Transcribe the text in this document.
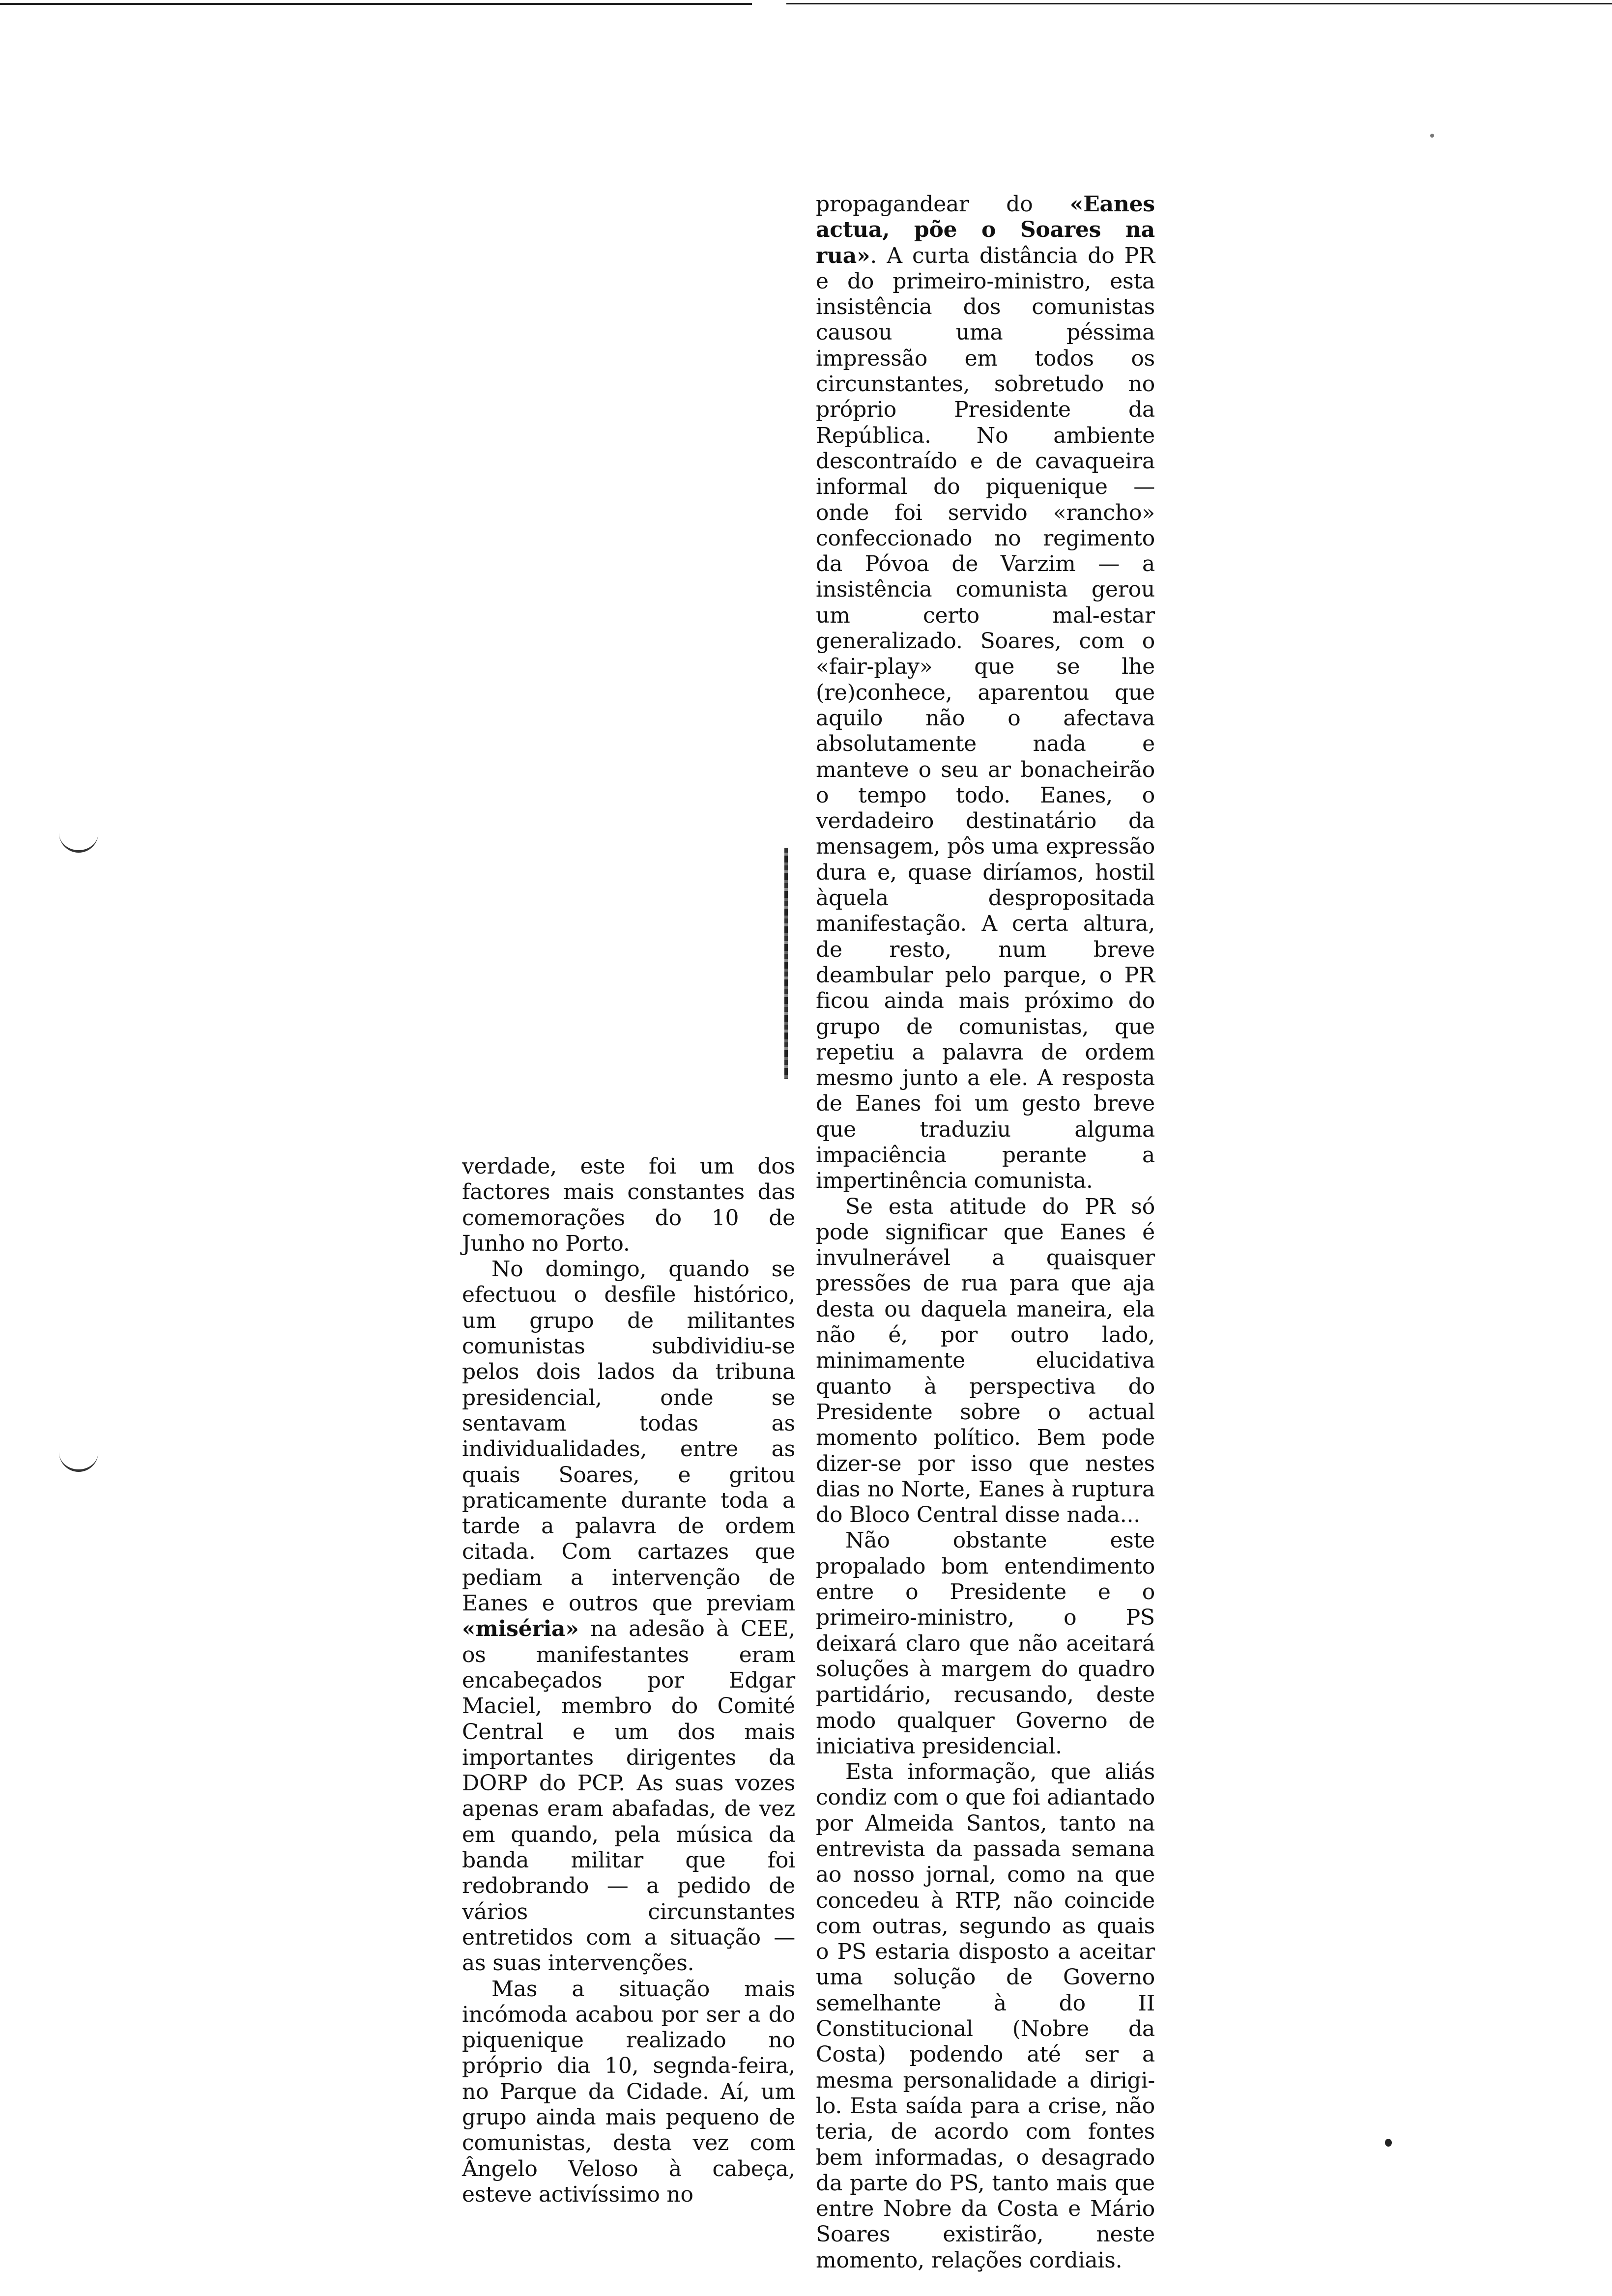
propagandear do «Eanes actua, põe o Soares na rua». A curta distância do PR e do primeiro-ministro, esta insistência dos comunistas causou uma péssima impressão em todos os circunstantes, sobretudo no próprio Presidente da República. No ambiente descontraído e de cavaqueira informal do piquenique — onde foi servido «rancho» confeccionado no regimento da Póvoa de Varzim — a insistência comunista gerou um certo mal-estar generalizado. Soares, com o «fair-play» que se lhe (re)conhece, aparentou que aquilo não o afectava absolutamente nada e manteve o seu ar bonacheirão o tempo todo. Eanes, o verdadeiro destinatário da mensagem, pôs uma expressão dura e, quase diríamos, hostil àquela despropositada manifestação. A certa altura, de resto, num breve deambular pelo parque, o PR ficou ainda mais próximo do grupo de comunistas, que repetiu a palavra de ordem mesmo junto a ele. A resposta de Eanes foi um gesto breve que traduziu alguma impaciência perante a impertinência comunista.

Se esta atitude do PR só pode significar que Eanes é invulnerável a quaisquer pressões de rua para que aja desta ou daquela maneira, ela não é, por outro lado, minimamente elucidativa quanto à perspectiva do Presidente sobre o actual momento político. Bem pode dizer-se por isso que nestes dias no Norte, Eanes à ruptura do Bloco Central disse nada...

Não obstante este propalado bom entendimento entre o Presidente e o primeiro-ministro, o PS deixará claro que não aceitará soluções à margem do quadro partidário, recusando, deste modo qualquer Governo de iniciativa presidencial.

Esta informação, que aliás condiz com o que foi adiantado por Almeida Santos, tanto na entrevista da passada semana ao nosso jornal, como na que concedeu à RTP, não coincide com outras, segundo as quais o PS estaria disposto a aceitar uma solução de Governo semelhante à do II Constitucional (Nobre da Costa) podendo até ser a mesma personalidade a dirigi-lo. Esta saída para a crise, não teria, de acordo com fontes bem informadas, o desagrado da parte do PS, tanto mais que entre Nobre da Costa e Mário Soares existirão, neste momento, relações cordiais.

verdade, este foi um dos factores mais constantes das comemorações do 10 de Junho no Porto.

No domingo, quando se efectuou o desfile histórico, um grupo de militantes comunistas subdividiu-se pelos dois lados da tribuna presidencial, onde se sentavam todas as individualidades, entre as quais Soares, e gritou praticamente durante toda a tarde a palavra de ordem citada. Com cartazes que pediam a intervenção de Eanes e outros que previam «miséria» na adesão à CEE, os manifestantes eram encabeçados por Edgar Maciel, membro do Comité Central e um dos mais importantes dirigentes da DORP do PCP. As suas vozes apenas eram abafadas, de vez em quando, pela música da banda militar que foi redobrando — a pedido de vários circunstantes entretidos com a situação — as suas intervenções.

Mas a situação mais incómoda acabou por ser a do piquenique realizado no próprio dia 10, segnda-feira, no Parque da Cidade. Aí, um grupo ainda mais pequeno de comunistas, desta vez com Ângelo Veloso à cabeça, esteve activíssimo no
